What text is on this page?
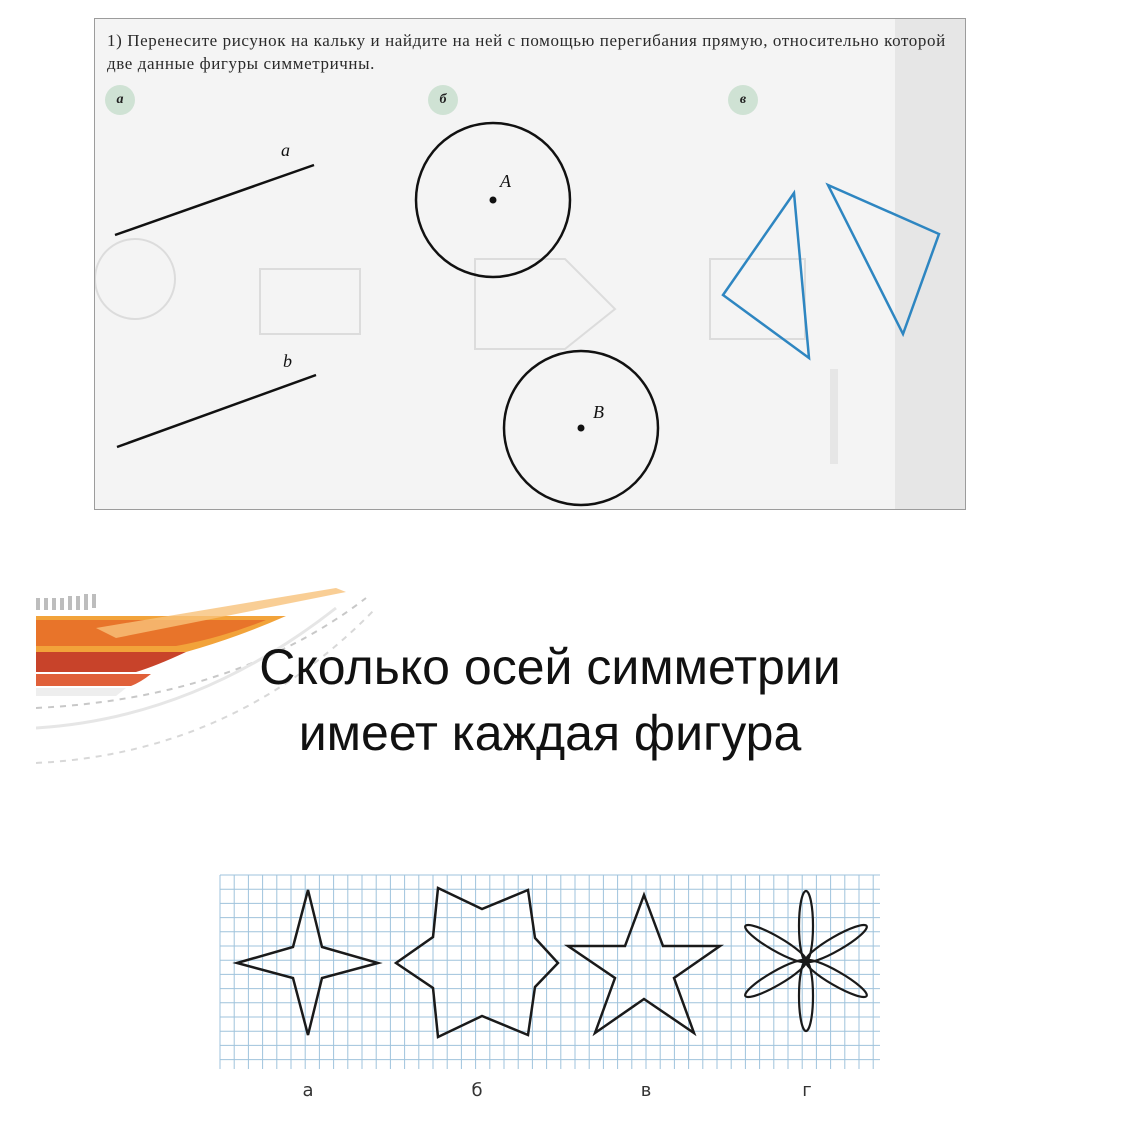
1) Перенесите рисунок на кальку и найдите на ней с помощью перегибания прямую, относительно которой две данные фигуры симметричны.

а	б	в
a
b
A
B

Сколько осей симметрии
имеет каждая фигура

а	б	в	г
